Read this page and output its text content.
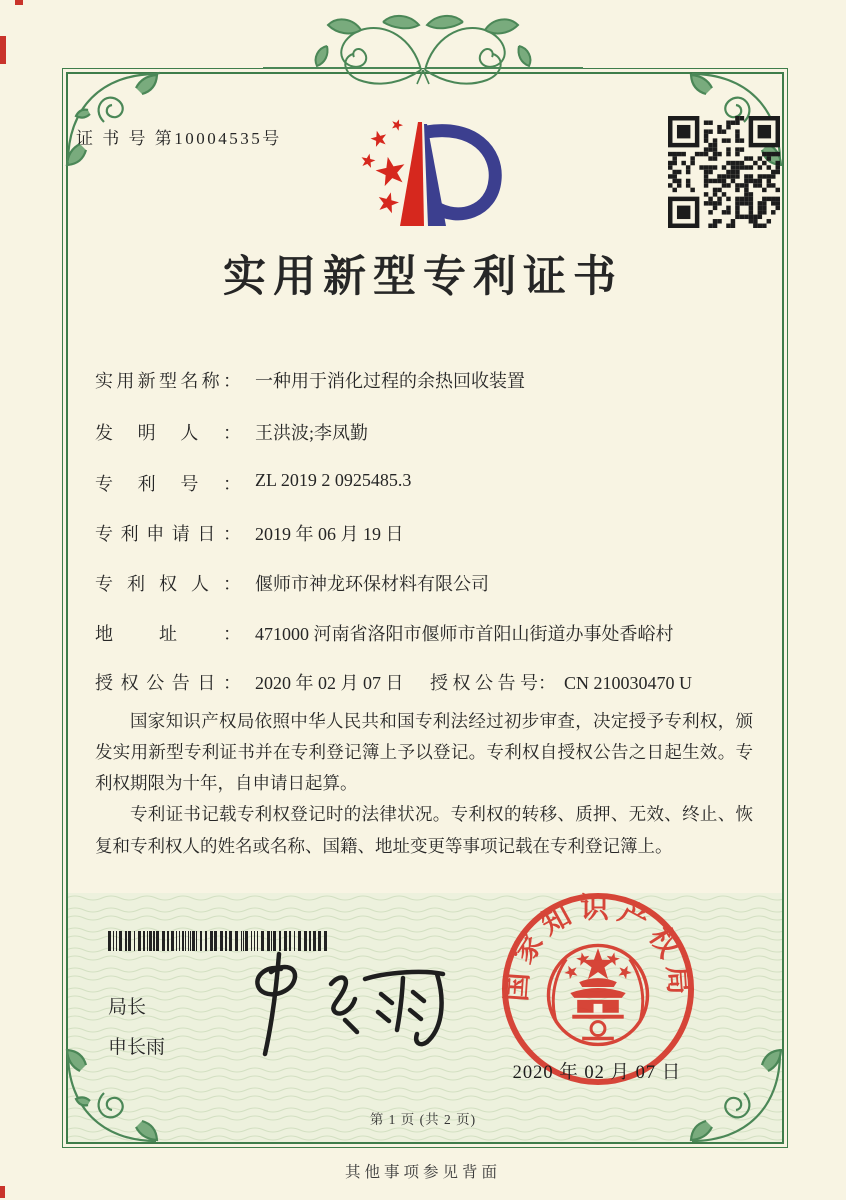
证 书 号 第10004535号
实用新型专利证书
实用新型名称： 一种用于消化过程的余热回收装置
发明人： 王洪波;李凤勤
专利号： ZL 2019 2 0925485.3
专利申请日： 2019 年 06 月 19 日
专利权人： 偃师市神龙环保材料有限公司
地址： 471000 河南省洛阳市偃师市首阳山街道办事处香峪村
授权公告日： 2020 年 02 月 07 日 授 权 公 告 号： CN 210030470 U

国家知识产权局依照中华人民共和国专利法经过初步审查，决定授予专利权，颁发实用新型专利证书并在专利登记簿上予以登记。专利权自授权公告之日起生效。专利权期限为十年，自申请日起算。

专利证书记载专利权登记时的法律状况。专利权的转移、质押、无效、终止、恢复和专利权人的姓名或名称、国籍、地址变更等事项记载在专利登记簿上。

局长
申长雨
国家知识产权局
2020 年 02 月 07 日
第 1 页 (共 2 页)
其他事项参见背面
